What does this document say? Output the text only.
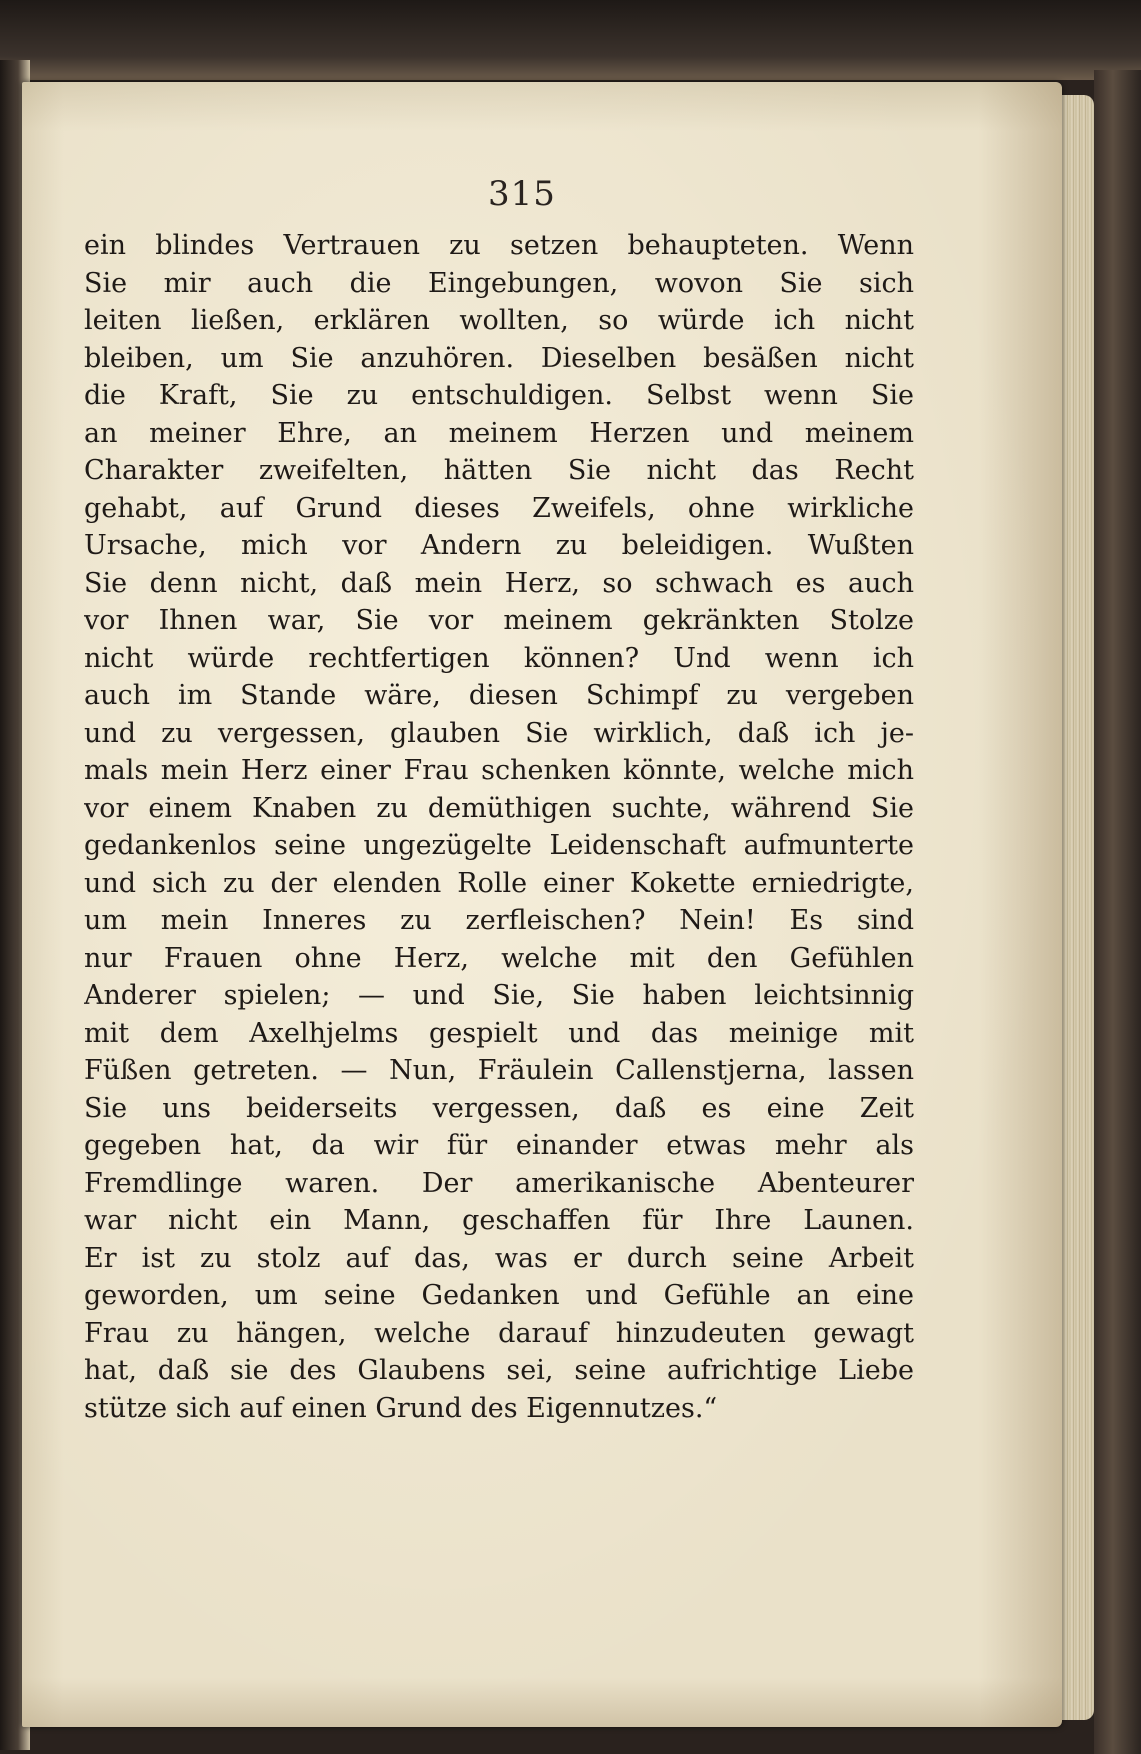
315
ein blindes Vertrauen zu setzen behaupteten. Wenn
Sie mir auch die Eingebungen, wovon Sie sich
leiten ließen, erklären wollten, so würde ich nicht
bleiben, um Sie anzuhören. Dieselben besäßen nicht
die Kraft, Sie zu entschuldigen. Selbst wenn Sie
an meiner Ehre, an meinem Herzen und meinem
Charakter zweifelten, hätten Sie nicht das Recht
gehabt, auf Grund dieses Zweifels, ohne wirkliche
Ursache, mich vor Andern zu beleidigen. Wußten
Sie denn nicht, daß mein Herz, so schwach es auch
vor Ihnen war, Sie vor meinem gekränkten Stolze
nicht würde rechtfertigen können? Und wenn ich
auch im Stande wäre, diesen Schimpf zu vergeben
und zu vergessen, glauben Sie wirklich, daß ich je-
mals mein Herz einer Frau schenken könnte, welche mich
vor einem Knaben zu demüthigen suchte, während Sie
gedankenlos seine ungezügelte Leidenschaft aufmunterte
und sich zu der elenden Rolle einer Kokette erniedrigte,
um mein Inneres zu zerfleischen? Nein! Es sind
nur Frauen ohne Herz, welche mit den Gefühlen
Anderer spielen; — und Sie, Sie haben leichtsinnig
mit dem Axelhjelms gespielt und das meinige mit
Füßen getreten. — Nun, Fräulein Callenstjerna, lassen
Sie uns beiderseits vergessen, daß es eine Zeit
gegeben hat, da wir für einander etwas mehr als
Fremdlinge waren. Der amerikanische Abenteurer
war nicht ein Mann, geschaffen für Ihre Launen.
Er ist zu stolz auf das, was er durch seine Arbeit
geworden, um seine Gedanken und Gefühle an eine
Frau zu hängen, welche darauf hinzudeuten gewagt
hat, daß sie des Glaubens sei, seine aufrichtige Liebe
stütze sich auf einen Grund des Eigennutzes.“
